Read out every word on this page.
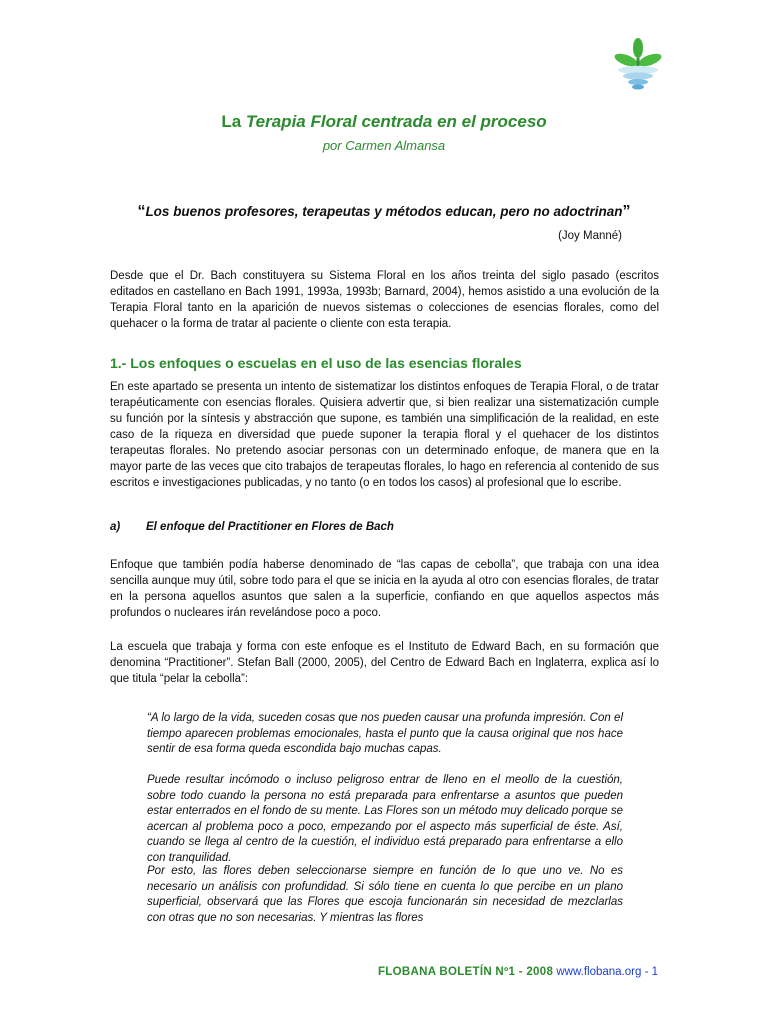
La Terapia Floral centrada en el proceso
por Carmen Almansa
“Los buenos profesores, terapeutas y métodos educan, pero no adoctrinan”
(Joy Manné)

Desde que el Dr. Bach constituyera su Sistema Floral en los años treinta del siglo pasado (escritos editados en castellano en Bach 1991, 1993a, 1993b; Barnard, 2004), hemos asistido a una evolución de la Terapia Floral tanto en la aparición de nuevos sistemas o colecciones de esencias florales, como del quehacer o la forma de tratar al paciente o cliente con esta terapia.

1.- Los enfoques o escuelas en el uso de las esencias florales

En este apartado se presenta un intento de sistematizar los distintos enfoques de Terapia Floral, o de tratar terapéuticamente con esencias florales. Quisiera advertir que, si bien realizar una sistematización cumple su función por la síntesis y abstracción que supone, es también una simplificación de la realidad, en este caso de la riqueza en diversidad que puede suponer la terapia floral y el quehacer de los distintos terapeutas florales. No pretendo asociar personas con un determinado enfoque, de manera que en la mayor parte de las veces que cito trabajos de terapeutas florales, lo hago en referencia al contenido de sus escritos e investigaciones publicadas, y no tanto (o en todos los casos) al profesional que lo escribe.

a) El enfoque del Practitioner en Flores de Bach

Enfoque que también podía haberse denominado de “las capas de cebolla”, que trabaja con una idea sencilla aunque muy útil, sobre todo para el que se inicia en la ayuda al otro con esencias florales, de tratar en la persona aquellos asuntos que salen a la superficie, confiando en que aquellos aspectos más profundos o nucleares irán revelándose poco a poco.

La escuela que trabaja y forma con este enfoque es el Instituto de Edward Bach, en su formación que denomina “Practitioner”. Stefan Ball (2000, 2005), del Centro de Edward Bach en Inglaterra, explica así lo que titula “pelar la cebolla”:

“A lo largo de la vida, suceden cosas que nos pueden causar una profunda impresión. Con el tiempo aparecen problemas emocionales, hasta el punto que la causa original que nos hace sentir de esa forma queda escondida bajo muchas capas.

Puede resultar incómodo o incluso peligroso entrar de lleno en el meollo de la cuestión, sobre todo cuando la persona no está preparada para enfrentarse a asuntos que pueden estar enterrados en el fondo de su mente. Las Flores son un método muy delicado porque se acercan al problema poco a poco, empezando por el aspecto más superficial de éste. Así, cuando se llega al centro de la cuestión, el individuo está preparado para enfrentarse a ello con tranquilidad.

Por esto, las flores deben seleccionarse siempre en función de lo que uno ve. No es necesario un análisis con profundidad. Si sólo tiene en cuenta lo que percibe en un plano superficial, observará que las Flores que escoja funcionarán sin necesidad de mezclarlas con otras que no son necesarias. Y mientras las flores

FLOBANA BOLETÍN Nº1 - 2008 www.flobana.org - 1
